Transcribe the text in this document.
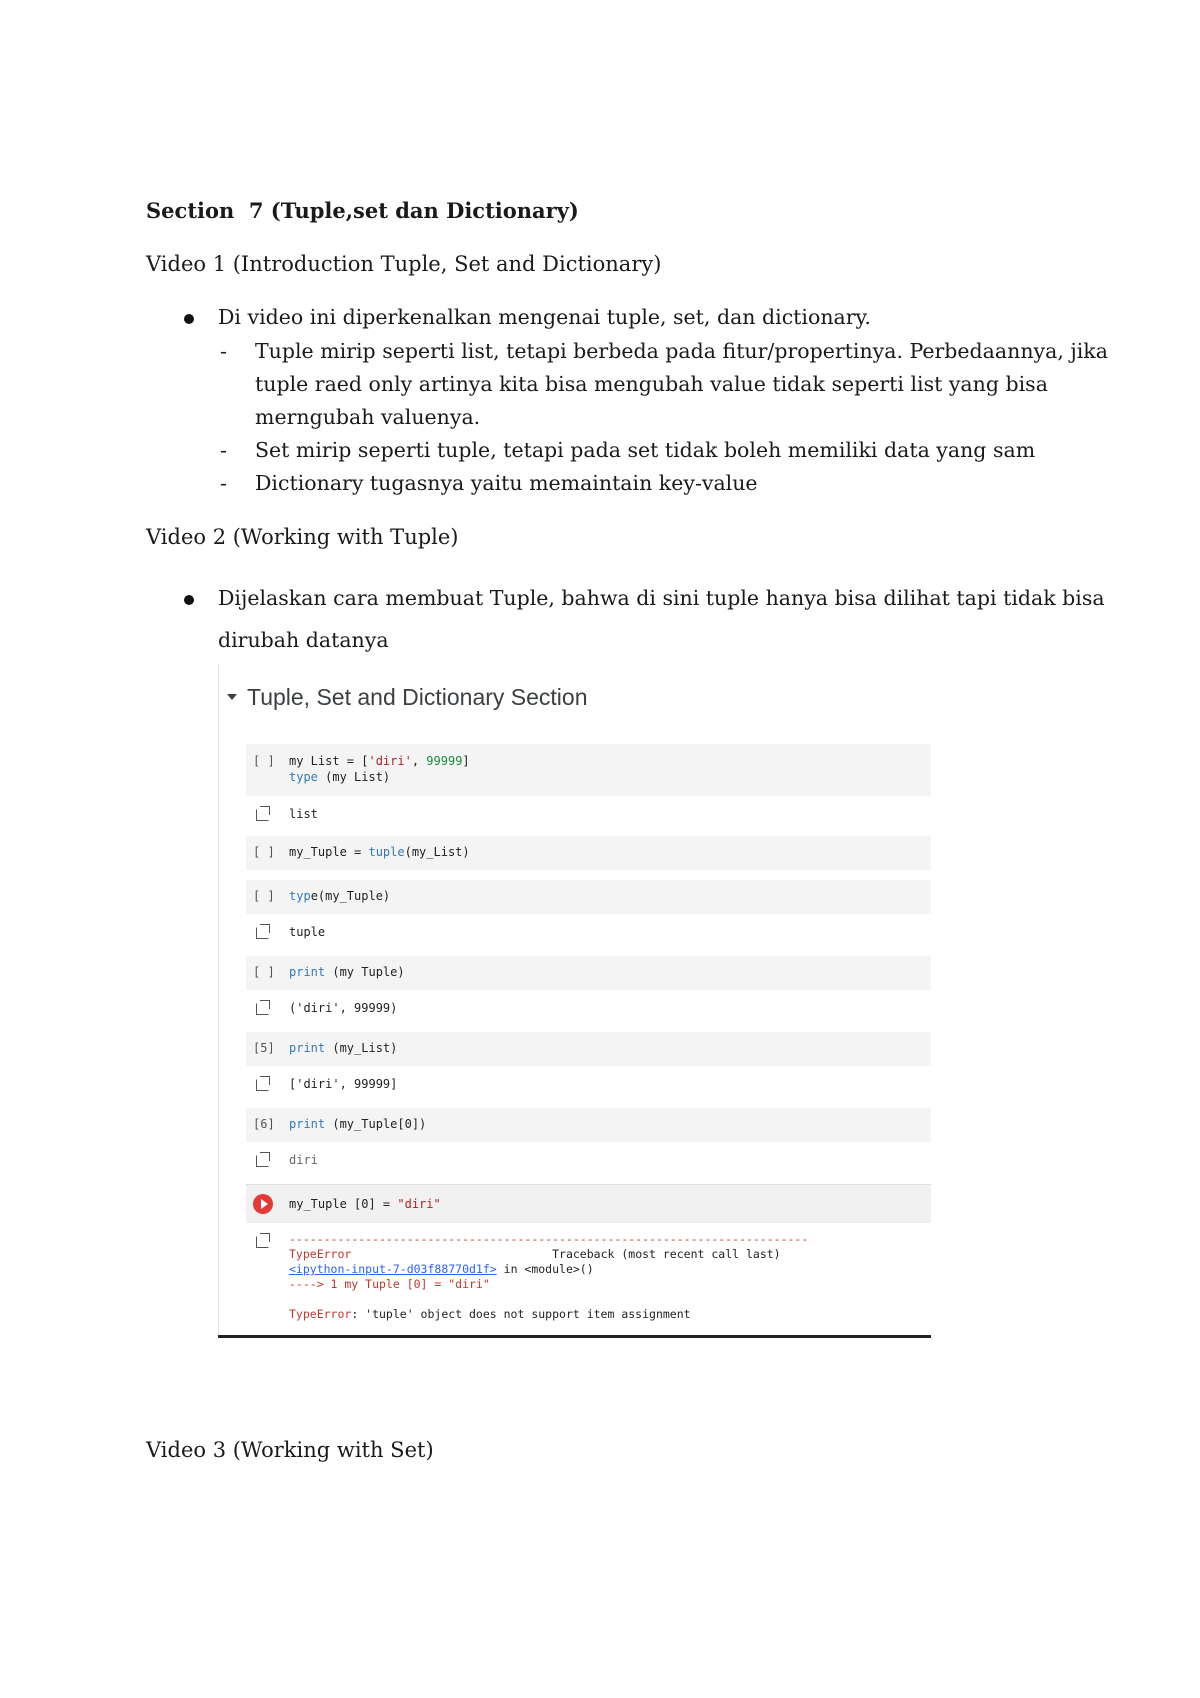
Section  7 (Tuple,set dan Dictionary)
Video 1 (Introduction Tuple, Set and Dictionary)
Di video ini diperkenalkan mengenai tuple, set, dan dictionary.
- Tuple mirip seperti list, tetapi berbeda pada fitur/propertinya. Perbedaannya, jika
tuple raed only artinya kita bisa mengubah value tidak seperti list yang bisa
merngubah valuenya.
- Set mirip seperti tuple, tetapi pada set tidak boleh memiliki data yang sam
- Dictionary tugasnya yaitu memaintain key-value
Video 2 (Working with Tuple)
Dijelaskan cara membuat Tuple, bahwa di sini tuple hanya bisa dilihat tapi tidak bisa
dirubah datanya
Tuple, Set and Dictionary Section
[ ] my List = ['diri', 99999]
type (my List)
list
[ ] my_Tuple = tuple(my_List)
[ ] type(my_Tuple)
tuple
[ ] print (my Tuple)
('diri', 99999)
[5] print (my_List)
['diri', 99999]
[6] print (my_Tuple[0])
diri
my_Tuple [0] = "diri"
---------------------------------------------------------------------------
TypeError	Traceback (most recent call last)
<ipython-input-7-d03f88770d1f> in <module>()
----> 1 my Tuple [0] = "diri"

TypeError: 'tuple' object does not support item assignment
Video 3 (Working with Set)
